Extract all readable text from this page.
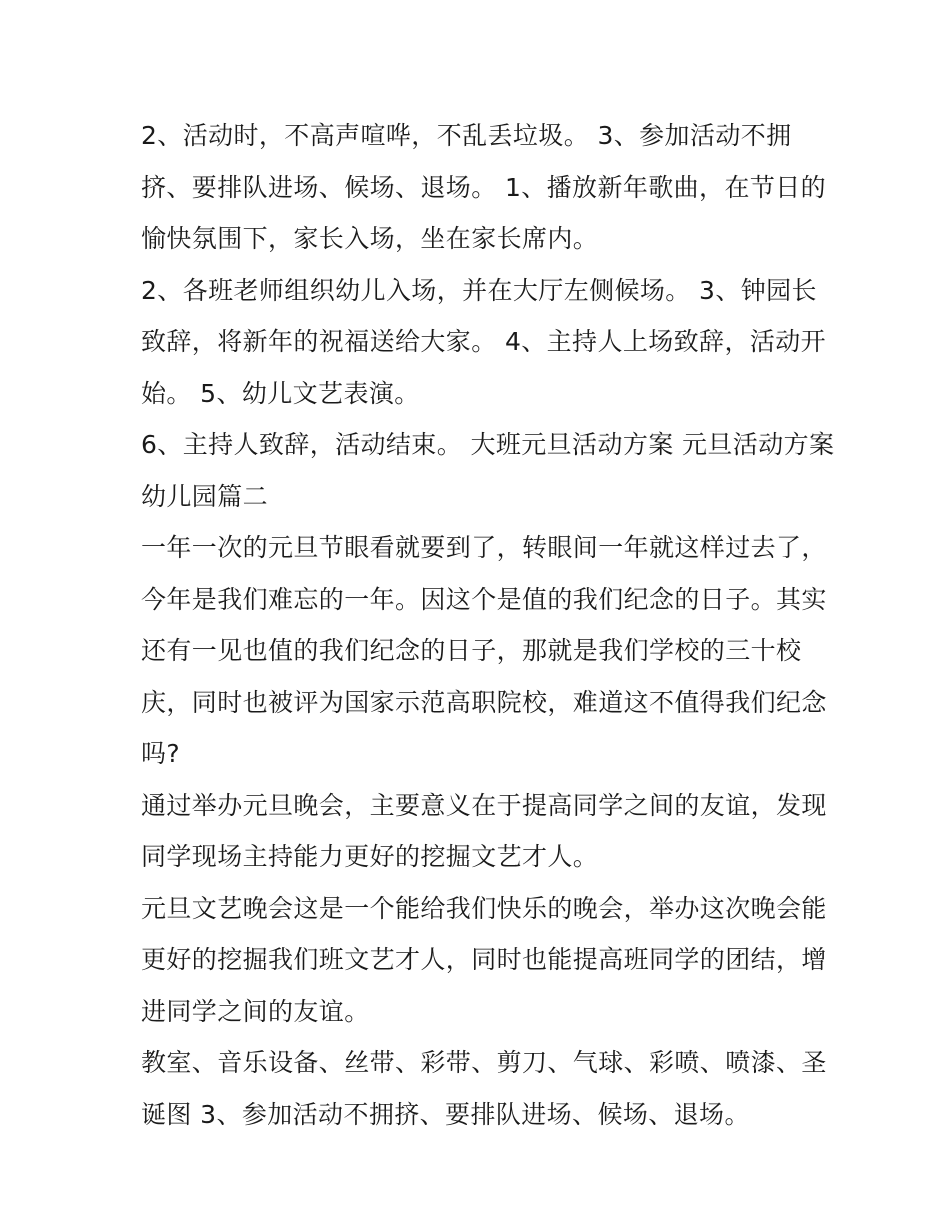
2、活动时，不高声喧哗，不乱丢垃圾。 3、参加活动不拥
挤、要排队进场、候场、退场。 1、播放新年歌曲，在节日的
愉快氛围下，家长入场，坐在家长席内。

2、各班老师组织幼儿入场，并在大厅左侧候场。 3、钟园长
致辞，将新年的祝福送给大家。 4、主持人上场致辞，活动开
始。 5、幼儿文艺表演。

6、主持人致辞，活动结束。 大班元旦活动方案 元旦活动方案
幼儿园篇二

一年一次的元旦节眼看就要到了，转眼间一年就这样过去了，
今年是我们难忘的一年。因这个是值的我们纪念的日子。其实
还有一见也值的我们纪念的日子，那就是我们学校的三十校
庆，同时也被评为国家示范高职院校，难道这不值得我们纪念
吗?

通过举办元旦晚会，主要意义在于提高同学之间的友谊，发现
同学现场主持能力更好的挖掘文艺才人。

元旦文艺晚会这是一个能给我们快乐的晚会，举办这次晚会能
更好的挖掘我们班文艺才人，同时也能提高班同学的团结，增
进同学之间的友谊。

教室、音乐设备、丝带、彩带、剪刀、气球、彩喷、喷漆、圣
诞图 3、参加活动不拥挤、要排队进场、候场、退场。
